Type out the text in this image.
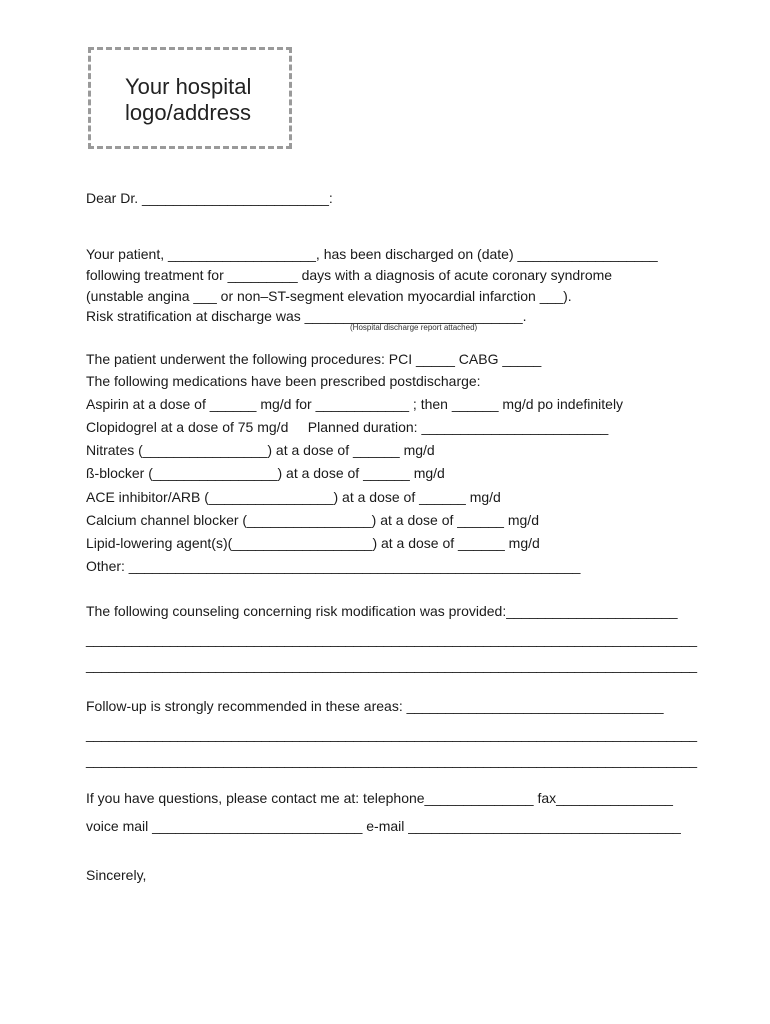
Your hospital
logo/address
Dear Dr. ________________________:
Your patient, ___________________, has been discharged on (date) __________________
following treatment for _________ days with a diagnosis of acute coronary syndrome
(unstable angina ___ or non–ST-segment elevation myocardial infarction ___).
Risk stratification at discharge was ____________________________.
(Hospital discharge report attached)
The patient underwent the following procedures: PCI _____ CABG _____
The following medications have been prescribed postdischarge:
Aspirin at a dose of ______ mg/d for ____________ ; then ______ mg/d po indefinitely
Clopidogrel at a dose of 75 mg/d     Planned duration: ________________________
Nitrates (________________) at a dose of ______ mg/d
ß-blocker (________________) at a dose of ______ mg/d
ACE inhibitor/ARB (________________) at a dose of ______ mg/d
Calcium channel blocker (________________) at a dose of ______ mg/d
Lipid-lowering agent(s)(__________________) at a dose of ______ mg/d
Other: __________________________________________________________
The following counseling concerning risk modification was provided:______________________
________________________________________________________________________________
________________________________________________________________________________
Follow-up is strongly recommended in these areas: _________________________________
________________________________________________________________________________
________________________________________________________________________________
If you have questions, please contact me at: telephone______________ fax_______________
voice mail ___________________________ e-mail ___________________________________
Sincerely,
